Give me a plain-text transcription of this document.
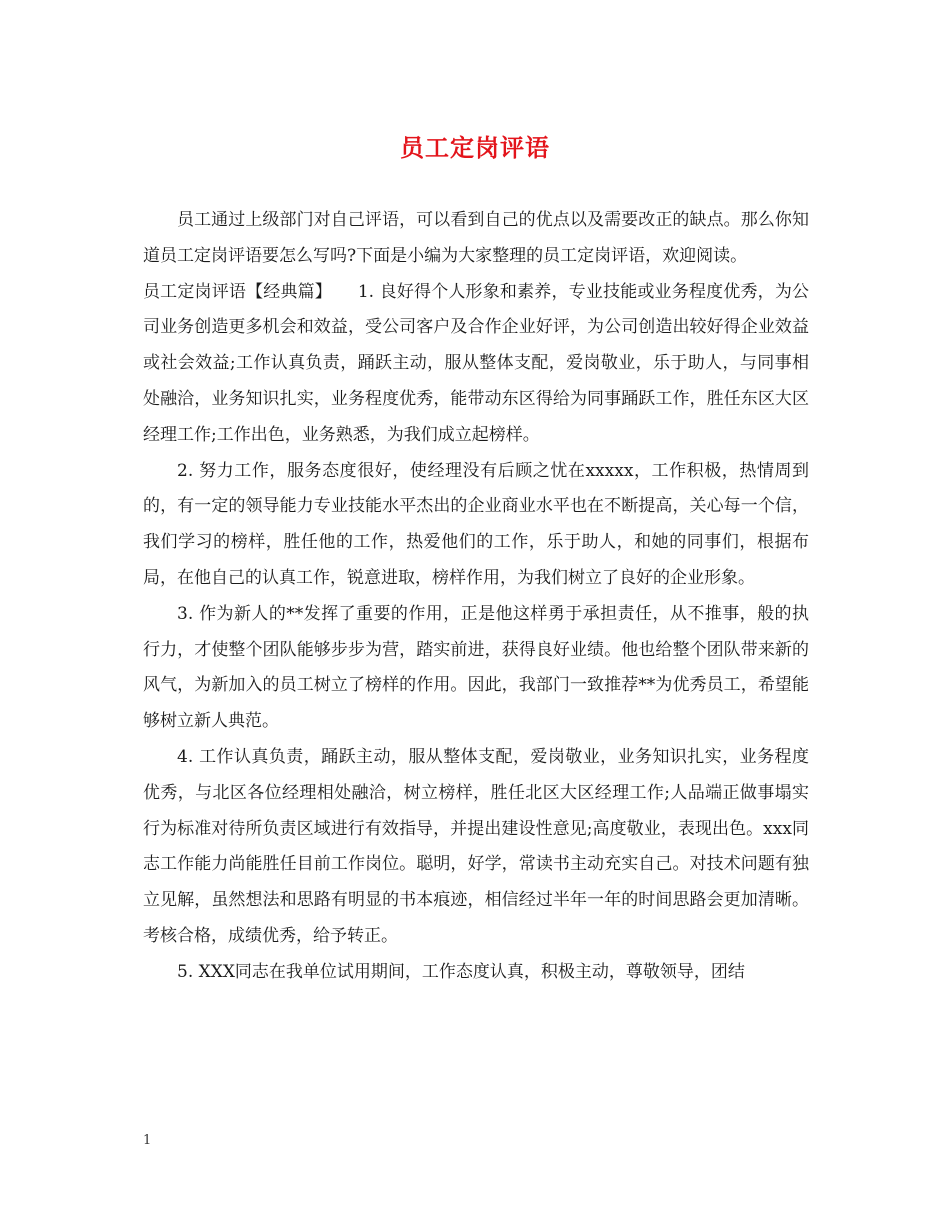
员工定岗评语

员工通过上级部门对自己评语，可以看到自己的优点以及需要改正的缺点。那么你知道员工定岗评语要怎么写吗?下面是小编为大家整理的员工定岗评语，欢迎阅读。

员工定岗评语【经典篇】　　1. 良好得个人形象和素养，专业技能或业务程度优秀，为公司业务创造更多机会和效益，受公司客户及合作企业好评，为公司创造出较好得企业效益或社会效益;工作认真负责，踊跃主动，服从整体支配，爱岗敬业，乐于助人，与同事相处融洽，业务知识扎实，业务程度优秀，能带动东区得给为同事踊跃工作，胜任东区大区经理工作;工作出色，业务熟悉，为我们成立起榜样。

2. 努力工作，服务态度很好，使经理没有后顾之忧在xxxxx，工作积极，热情周到的，有一定的领导能力专业技能水平杰出的企业商业水平也在不断提高，关心每一个信，我们学习的榜样，胜任他的工作，热爱他们的工作，乐于助人，和她的同事们，根据布局，在他自己的认真工作，锐意进取，榜样作用，为我们树立了良好的企业形象。

3. 作为新人的**发挥了重要的作用，正是他这样勇于承担责任，从不推事，般的执行力，才使整个团队能够步步为营，踏实前进，获得良好业绩。他也给整个团队带来新的风气，为新加入的员工树立了榜样的作用。因此，我部门一致推荐**为优秀员工，希望能够树立新人典范。

4. 工作认真负责，踊跃主动，服从整体支配，爱岗敬业，业务知识扎实，业务程度优秀，与北区各位经理相处融洽，树立榜样，胜任北区大区经理工作;人品端正做事塌实行为标准对待所负责区域进行有效指导，并提出建设性意见;高度敬业，表现出色。xxx同志工作能力尚能胜任目前工作岗位。聪明，好学，常读书主动充实自己。对技术问题有独立见解，虽然想法和思路有明显的书本痕迹，相信经过半年一年的时间思路会更加清晰。考核合格，成绩优秀，给予转正。

5. XXX同志在我单位试用期间，工作态度认真，积极主动，尊敬领导，团结

1
